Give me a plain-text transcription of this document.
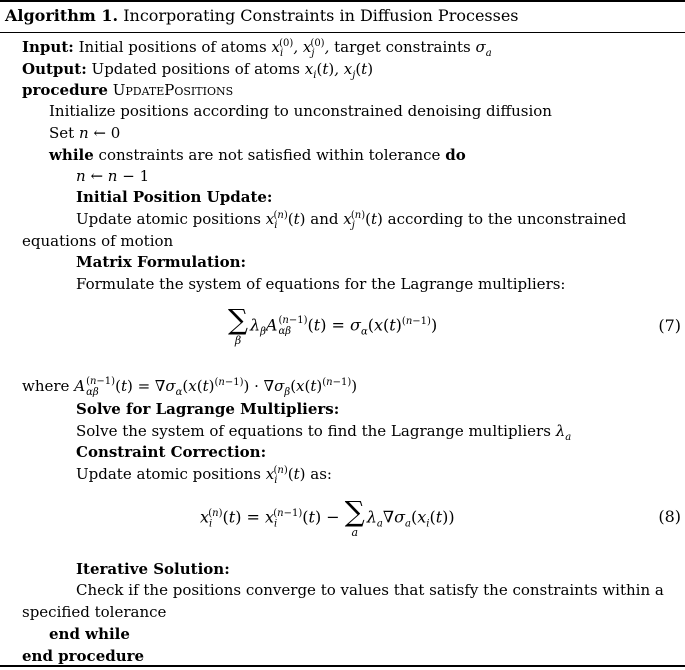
Algorithm 1. Incorporating Constraints in Diffusion Processes
Input: Initial positions of atoms $x_i^{(0)}$, $x_j^{(0)}$, target constraints $\sigma_a$
Output: Updated positions of atoms $x_i(t)$, $x_j(t)$
procedure UpdatePositions
Initialize positions according to unconstrained denoising diffusion
Set n ← 0
while constraints are not satisfied within tolerance do
n ← n − 1
Initial Position Update:
Update atomic positions $x_i^{(n)}(t)$ and $x_j^{(n)}(t)$ according to the unconstrained
equations of motion
Matrix Formulation:
Formulate the system of equations for the Lagrange multipliers:
∑
β
$\lambda_\beta A$ (n−1)
αβ	$(t) = \sigma_\alpha(x(t)^{(n-1)})$	(7)
where A (n−1)
αβ	$(t) = \nabla\sigma_\alpha(x(t)^{(n-1)}) \cdot \nabla\sigma_\beta(x(t)^{(n-1)})$
Solve for Lagrange Multipliers:
Solve the system of equations to find the Lagrange multipliers $\lambda_a$
Constraint Correction:
Update atomic positions $x_i^{(n)}(t)$ as:
$x_i^{(n)}(t) = x_i^{(n-1)}(t)$ − ∑
a
$\lambda_a\nabla\sigma_a(x_i(t))$	(8)
Iterative Solution:
Check if the positions converge to values that satisfy the constraints within a
specified tolerance
end while
end procedure
